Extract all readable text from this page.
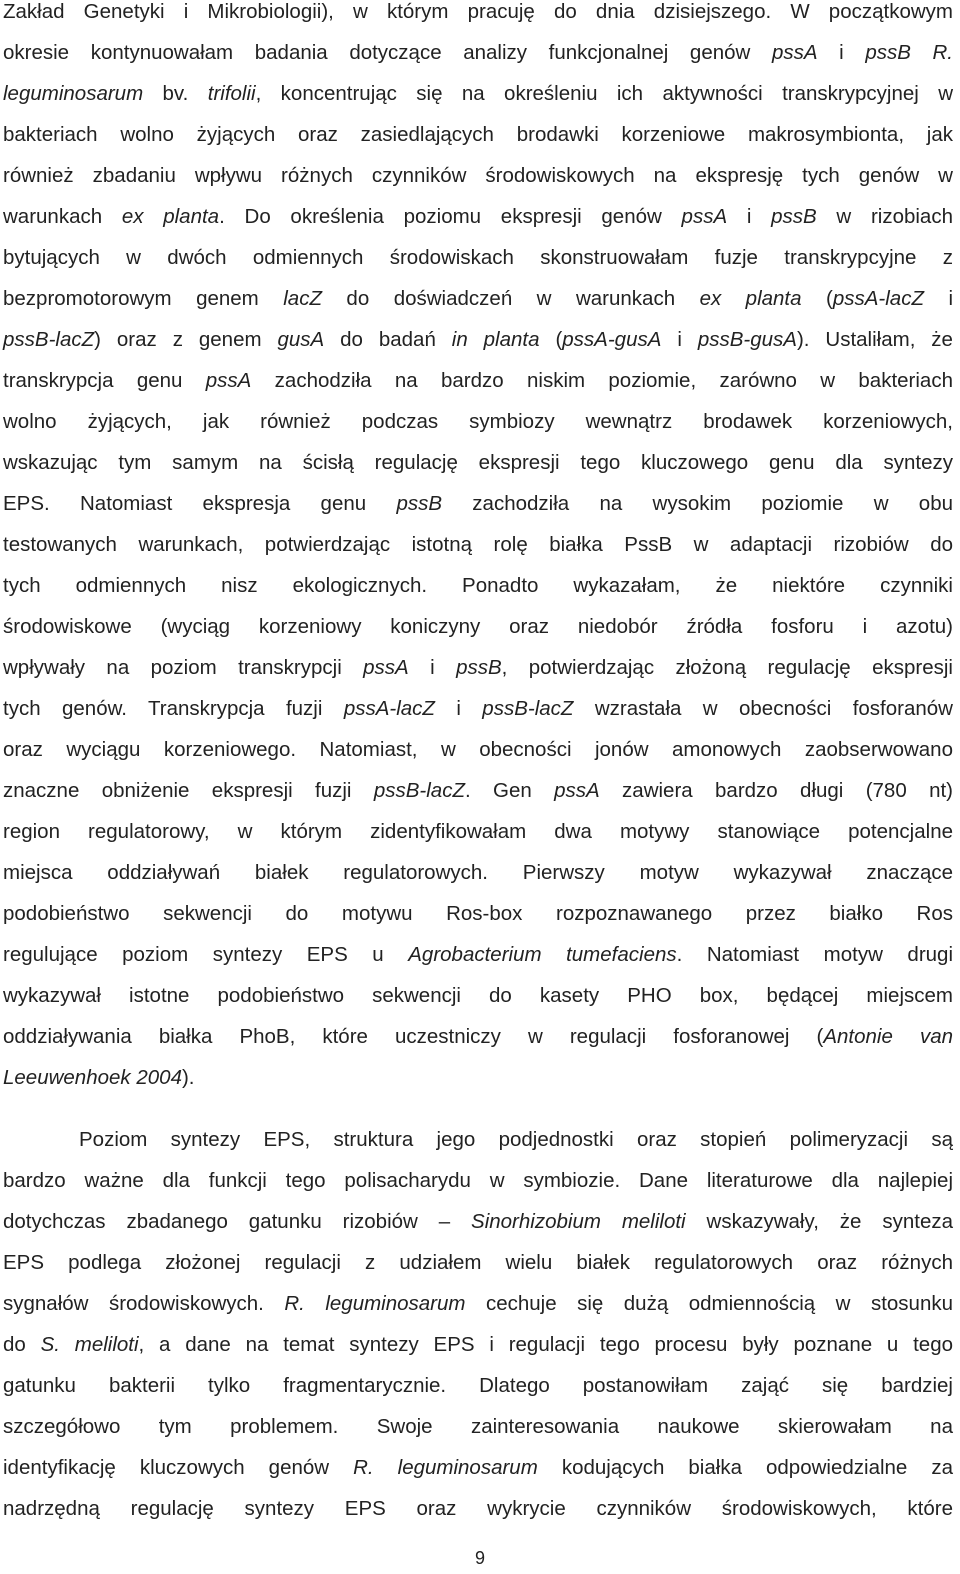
Zakład Genetyki i Mikrobiologii), w którym pracuję do dnia dzisiejszego. W początkowym
okresie kontynuowałam badania dotyczące analizy funkcjonalnej genów pssA i pssB R.
leguminosarum bv. trifolii, koncentrując się na określeniu ich aktywności transkrypcyjnej w
bakteriach wolno żyjących oraz zasiedlających brodawki korzeniowe makrosymbionta, jak
również zbadaniu wpływu różnych czynników środowiskowych na ekspresję tych genów w
warunkach ex planta. Do określenia poziomu ekspresji genów pssA i pssB w rizobiach
bytujących w dwóch odmiennych środowiskach skonstruowałam fuzje transkrypcyjne z
bezpromotorowym genem lacZ do doświadczeń w warunkach ex planta (pssA-lacZ i
pssB-lacZ) oraz z genem gusA do badań in planta (pssA-gusA i pssB-gusA). Ustaliłam, że
transkrypcja genu pssA zachodziła na bardzo niskim poziomie, zarówno w bakteriach
wolno żyjących, jak również podczas symbiozy wewnątrz brodawek korzeniowych,
wskazując tym samym na ścisłą regulację ekspresji tego kluczowego genu dla syntezy
EPS. Natomiast ekspresja genu pssB zachodziła na wysokim poziomie w obu
testowanych warunkach, potwierdzając istotną rolę białka PssB w adaptacji rizobiów do
tych odmiennych nisz ekologicznych. Ponadto wykazałam, że niektóre czynniki
środowiskowe (wyciąg korzeniowy koniczyny oraz niedobór źródła fosforu i azotu)
wpływały na poziom transkrypcji pssA i pssB, potwierdzając złożoną regulację ekspresji
tych genów. Transkrypcja fuzji pssA-lacZ i pssB-lacZ wzrastała w obecności fosforanów
oraz wyciągu korzeniowego. Natomiast, w obecności jonów amonowych zaobserwowano
znaczne obniżenie ekspresji fuzji pssB-lacZ. Gen pssA zawiera bardzo długi (780 nt)
region regulatorowy, w którym zidentyfikowałam dwa motywy stanowiące potencjalne
miejsca oddziaływań białek regulatorowych. Pierwszy motyw wykazywał znaczące
podobieństwo sekwencji do motywu Ros-box rozpoznawanego przez białko Ros
regulujące poziom syntezy EPS u Agrobacterium tumefaciens. Natomiast motyw drugi
wykazywał istotne podobieństwo sekwencji do kasety PHO box, będącej miejscem
oddziaływania białka PhoB, które uczestniczy w regulacji fosforanowej (Antonie van
Leeuwenhoek 2004).
Poziom syntezy EPS, struktura jego podjednostki oraz stopień polimeryzacji są
bardzo ważne dla funkcji tego polisacharydu w symbiozie. Dane literaturowe dla najlepiej
dotychczas zbadanego gatunku rizobiów – Sinorhizobium meliloti wskazywały, że synteza
EPS podlega złożonej regulacji z udziałem wielu białek regulatorowych oraz różnych
sygnałów środowiskowych. R. leguminosarum cechuje się dużą odmiennością w stosunku
do S. meliloti, a dane na temat syntezy EPS i regulacji tego procesu były poznane u tego
gatunku bakterii tylko fragmentarycznie. Dlatego postanowiłam zająć się bardziej
szczegółowo tym problemem. Swoje zainteresowania naukowe skierowałam na
identyfikację kluczowych genów R. leguminosarum kodujących białka odpowiedzialne za
nadrzędną regulację syntezy EPS oraz wykrycie czynników środowiskowych, które
9
